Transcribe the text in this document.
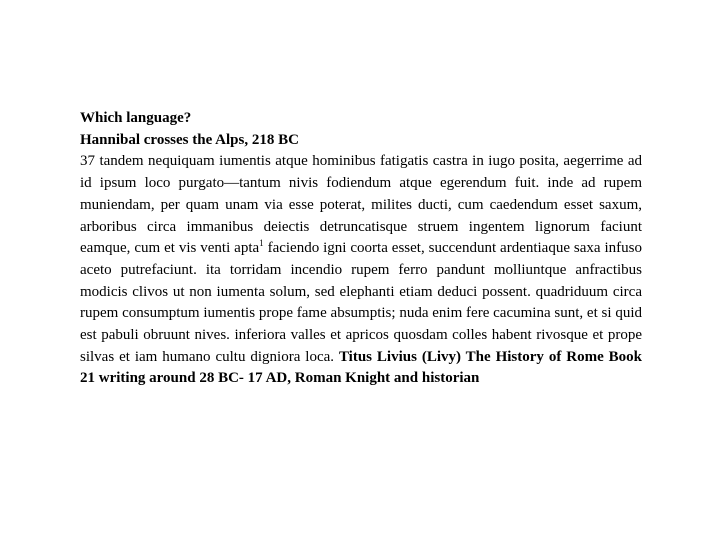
Which language?
Hannibal crosses the Alps, 218 BC
37 tandem nequiquam iumentis atque hominibus fatigatis castra in iugo posita, aegerrime ad id ipsum loco purgato—tantum nivis fodiendum atque egerendum fuit. inde ad rupem muniendam, per quam unam via esse poterat, milites ducti, cum caedendum esset saxum, arboribus circa immanibus deiectis detruncatisque struem ingentem lignorum faciunt eamque, cum et vis venti apta$^1$ faciendo igni coorta esset, succendunt ardentiaque saxa infuso aceto putrefaciunt. ita torridam incendio rupem ferro pandunt molliuntque anfractibus modicis clivos ut non iumenta solum, sed elephanti etiam deduci possent. quadriduum circa rupem consumptum iumentis prope fame absumptis; nuda enim fere cacumina sunt, et si quid est pabuli obruunt nives. inferiora valles et apricos quosdam colles habent rivosque et prope silvas et iam humano cultu digniora loca. Titus Livius (Livy) The History of Rome Book 21 writing around 28 BC- 17 AD, Roman Knight and historian
